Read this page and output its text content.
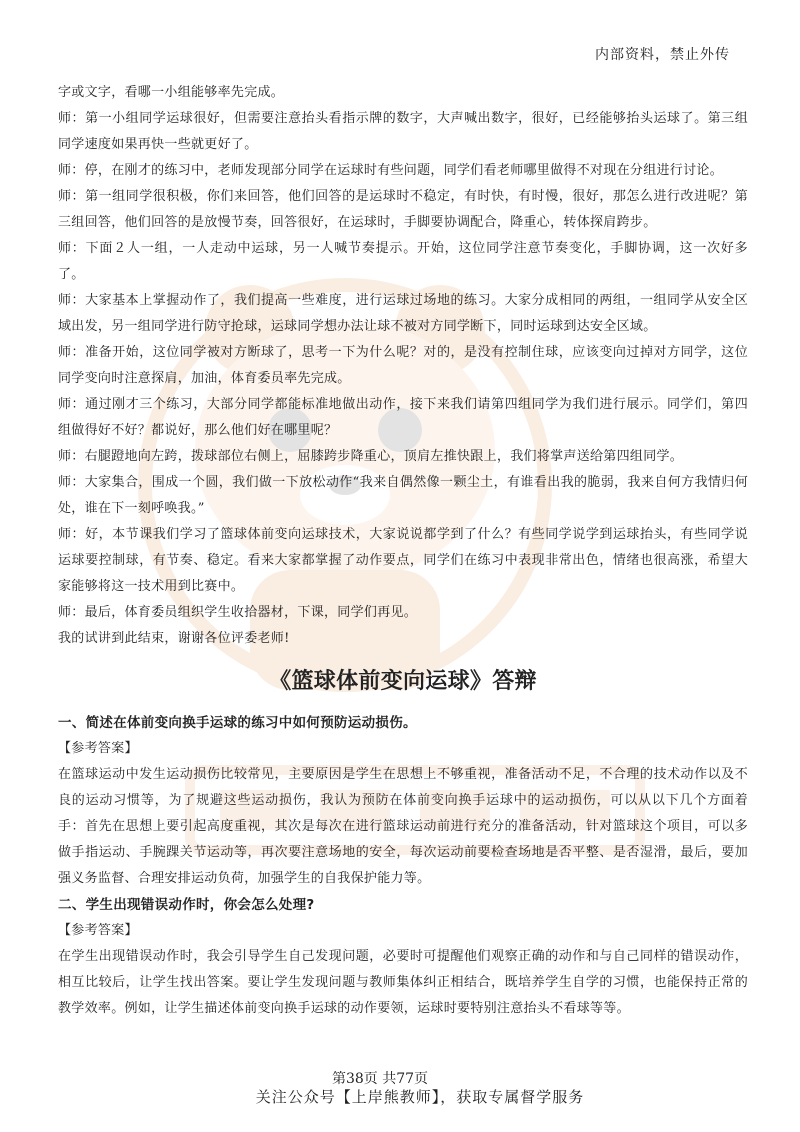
内部资料，禁止外传

字或文字，看哪一小组能够率先完成。

师：第一小组同学运球很好，但需要注意抬头看指示牌的数字，大声喊出数字，很好，已经能够抬头运球了。第三组同学速度如果再快一些就更好了。

师：停，在刚才的练习中，老师发现部分同学在运球时有些问题，同学们看老师哪里做得不对现在分组进行讨论。

师：第一组同学很积极，你们来回答，他们回答的是运球时不稳定，有时快，有时慢，很好，那怎么进行改进呢？第三组回答，他们回答的是放慢节奏，回答很好，在运球时，手脚要协调配合，降重心，转体探肩跨步。

师：下面２人一组，一人走动中运球，另一人喊节奏提示。开始，这位同学注意节奏变化，手脚协调，这一次好多了。

师：大家基本上掌握动作了，我们提高一些难度，进行运球过场地的练习。大家分成相同的两组，一组同学从安全区域出发，另一组同学进行防守抢球，运球同学想办法让球不被对方同学断下，同时运球到达安全区域。

师：准备开始，这位同学被对方断球了，思考一下为什么呢？对的，是没有控制住球，应该变向过掉对方同学，这位同学变向时注意探肩，加油，体育委员率先完成。

师：通过刚才三个练习，大部分同学都能标准地做出动作，接下来我们请第四组同学为我们进行展示。同学们，第四组做得好不好？都说好，那么他们好在哪里呢？

师：右腿蹬地向左跨，拨球部位右侧上，屈膝跨步降重心，顶肩左推快跟上，我们将掌声送给第四组同学。

师：大家集合，围成一个圆，我们做一下放松动作“我来自偶然像一颗尘土，有谁看出我的脆弱，我来自何方我情归何处，谁在下一刻呼唤我。”

师：好，本节课我们学习了篮球体前变向运球技术，大家说说都学到了什么？有些同学说学到运球抬头，有些同学说运球要控制球，有节奏、稳定。看来大家都掌握了动作要点，同学们在练习中表现非常出色，情绪也很高涨，希望大家能够将这一技术用到比赛中。

师：最后，体育委员组织学生收拾器材，下课，同学们再见。

我的试讲到此结束，谢谢各位评委老师!

《篮球体前变向运球》答辩

一、简述在体前变向换手运球的练习中如何预防运动损伤。

【参考答案】

在篮球运动中发生运动损伤比较常见，主要原因是学生在思想上不够重视，准备活动不足，不合理的技术动作以及不良的运动习惯等，为了规避这些运动损伤，我认为预防在体前变向换手运球中的运动损伤，可以从以下几个方面着手：首先在思想上要引起高度重视，其次是每次在进行篮球运动前进行充分的准备活动，针对篮球这个项目，可以多做手指运动、手腕踝关节运动等，再次要注意场地的安全，每次运动前要检查场地是否平整、是否湿滑，最后，要加强义务监督、合理安排运动负荷，加强学生的自我保护能力等。

二、学生出现错误动作时，你会怎么处理?

【参考答案】

在学生出现错误动作时，我会引导学生自己发现问题，必要时可提醒他们观察正确的动作和与自己同样的错误动作，相互比较后，让学生找出答案。要让学生发现问题与教师集体纠正相结合，既培养学生自学的习惯，也能保持正常的教学效率。例如，让学生描述体前变向换手运球的动作要领，运球时要特别注意抬头不看球等等。

第38页 共77页
关注公众号【上岸熊教师】，获取专属督学服务
